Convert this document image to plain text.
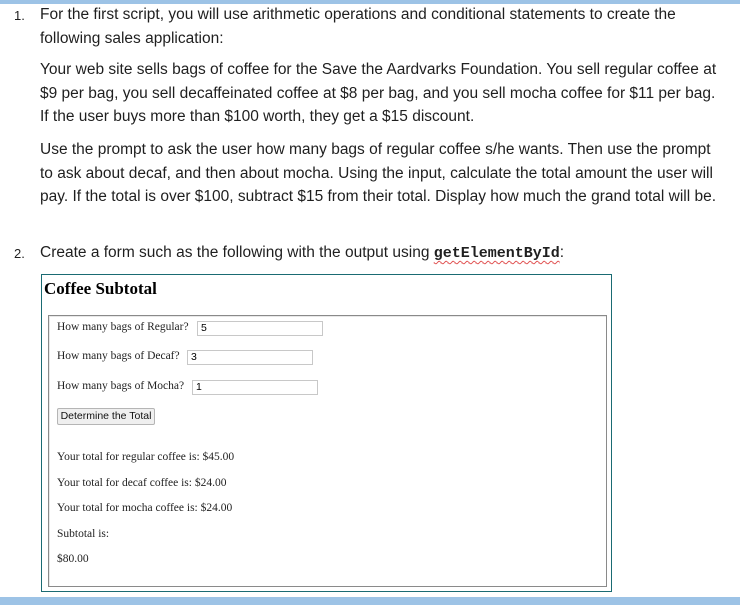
1. For the first script, you will use arithmetic operations and conditional statements to create the following sales application:
Your web site sells bags of coffee for the Save the Aardvarks Foundation. You sell regular coffee at $9 per bag, you sell decaffeinated coffee at $8 per bag, and you sell mocha coffee for $11 per bag. If the user buys more than $100 worth, they get a $15 discount.
Use the prompt to ask the user how many bags of regular coffee s/he wants. Then use the prompt to ask about decaf, and then about mocha. Using the input, calculate the total amount the user will pay. If the total is over $100, subtract $15 from their total. Display how much the grand total will be.
2. Create a form such as the following with the output using getElementById:
Coffee Subtotal
How many bags of Regular?	5
How many bags of Decaf?	3
How many bags of Mocha?	1
Determine the Total
Your total for regular coffee is: $45.00
Your total for decaf coffee is: $24.00
Your total for mocha coffee is: $24.00
Subtotal is:
$80.00
